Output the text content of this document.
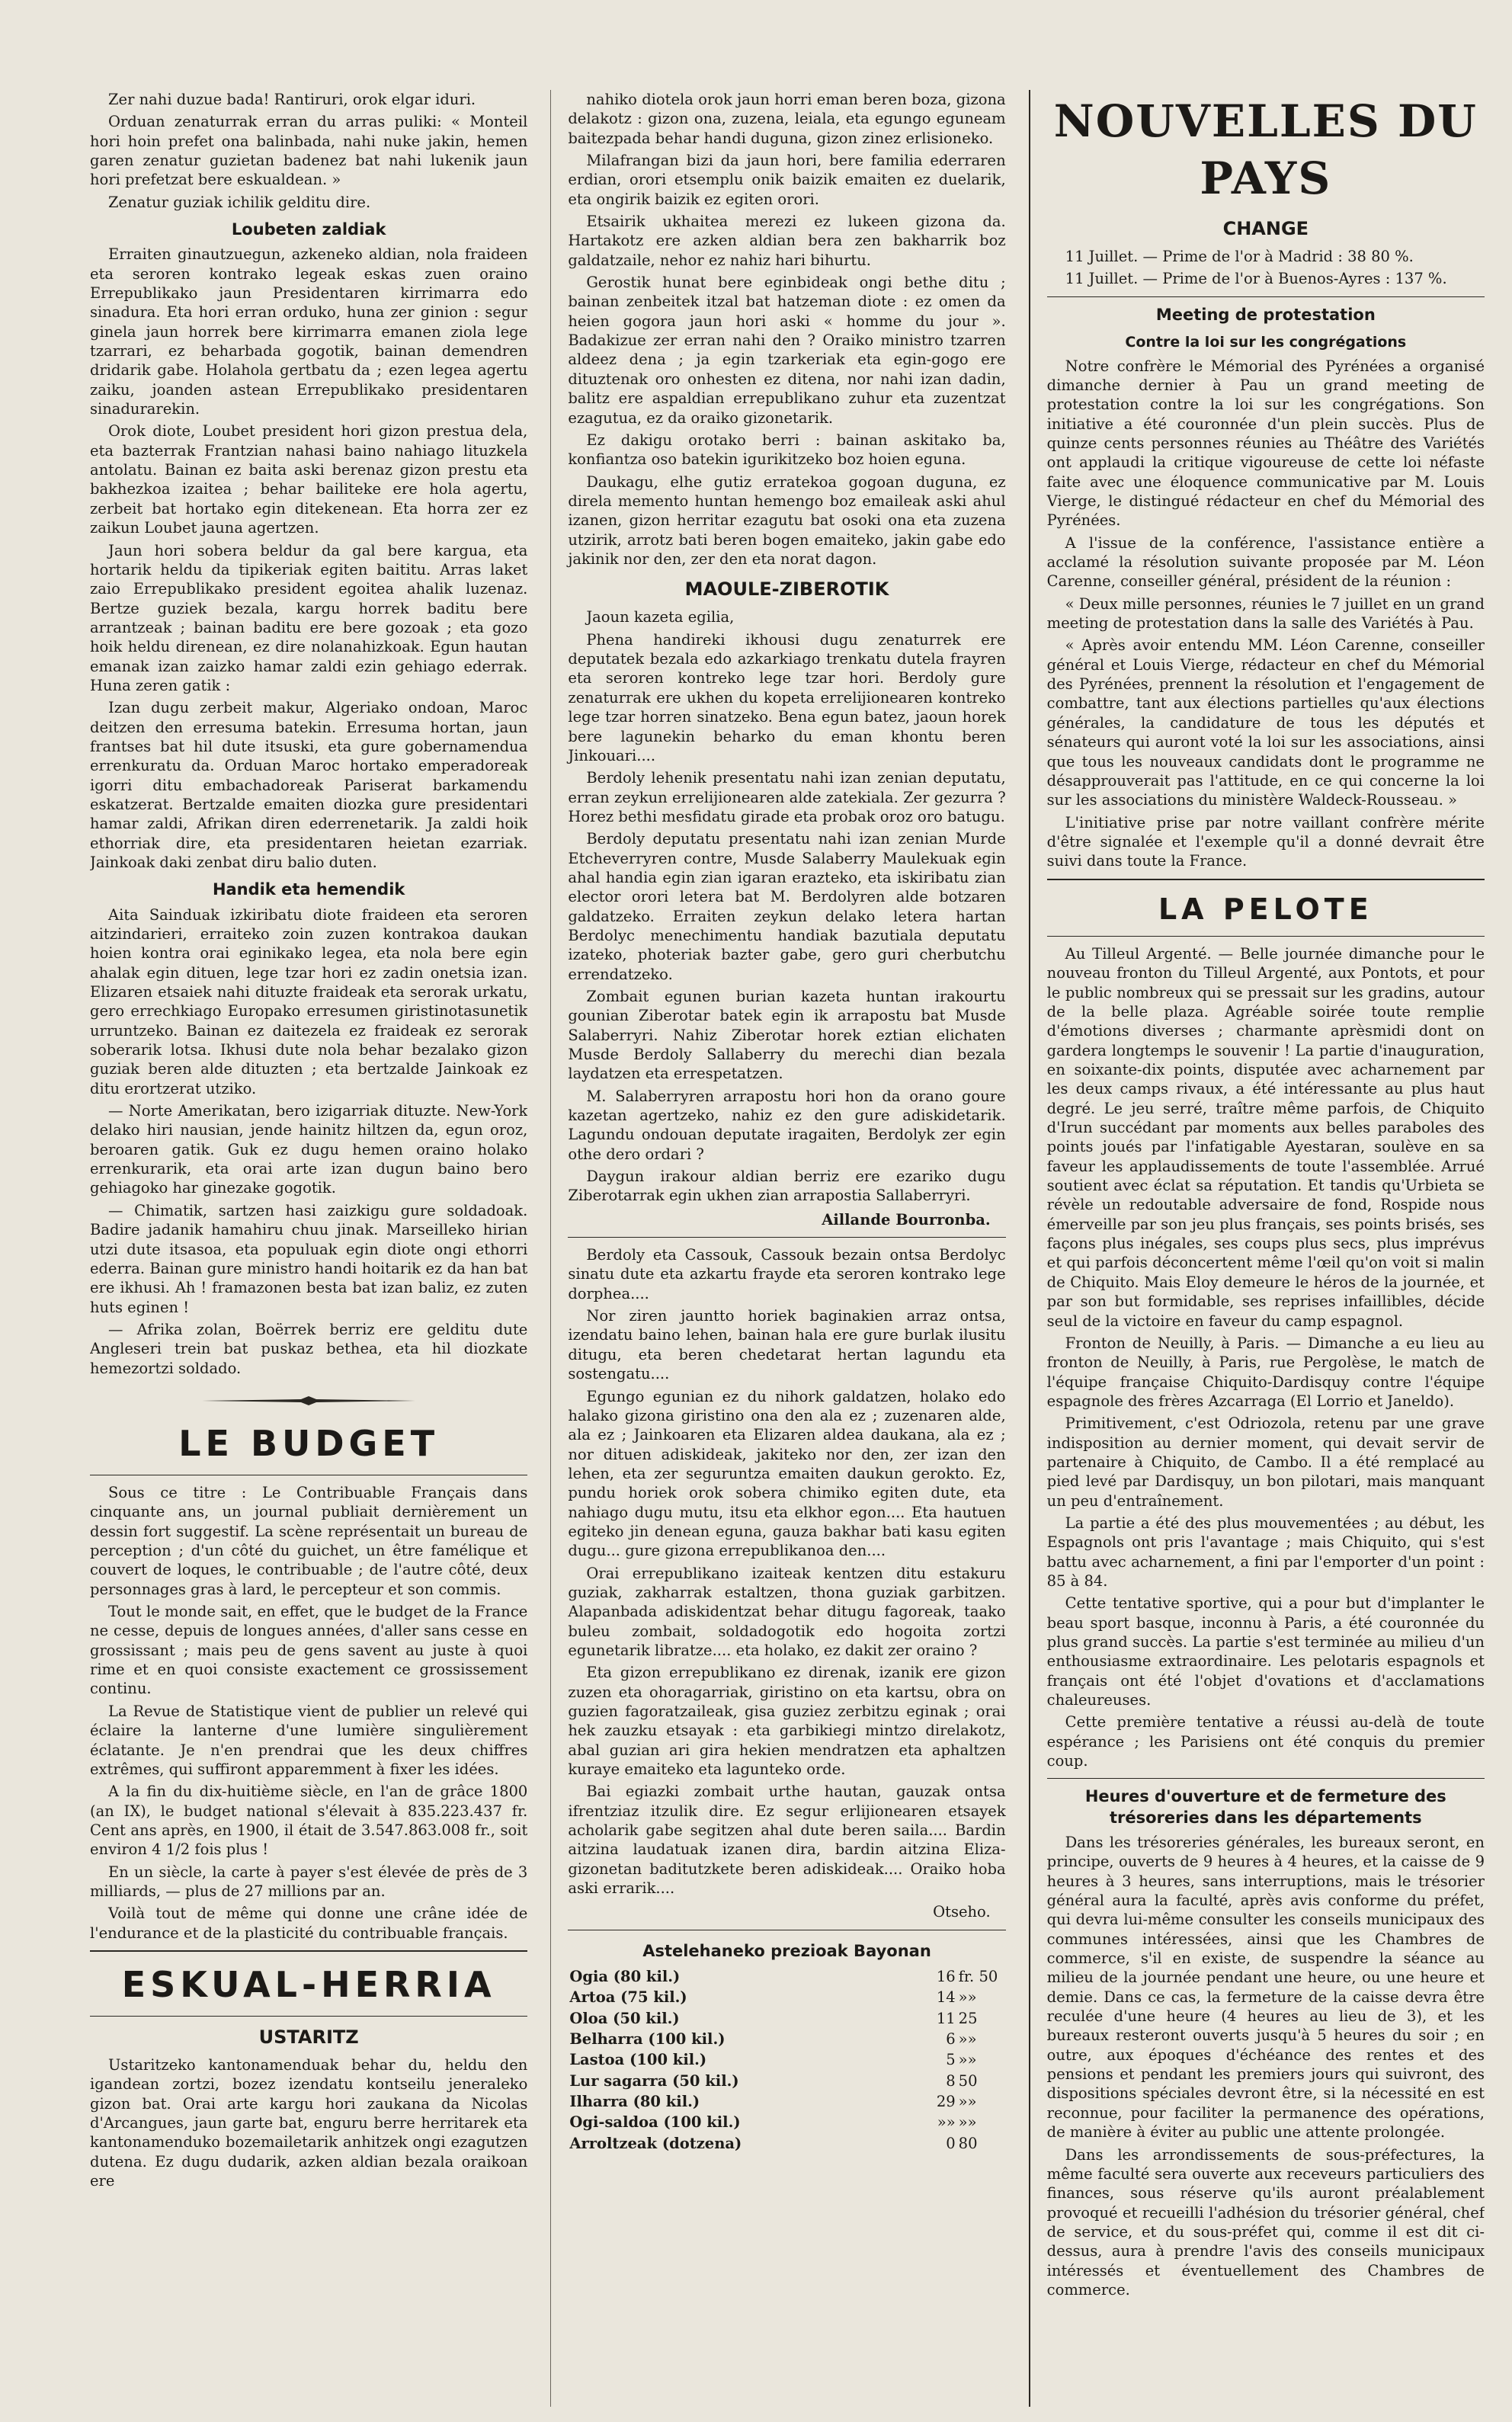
Zer nahi duzue bada! Rantiruri, orok elgar iduri.

Orduan zenaturrak erran du arras puliki: « Monteil hori hoin prefet ona balinbada, nahi nuke jakin, hemen garen zenatur guzietan badenez bat nahi lukenik jaun hori prefetzat bere eskualdean. »

Zenatur guziak ichilik gelditu dire.

Loubeten zaldiak

Erraiten ginautzuegun, azkeneko aldian, nola fraideen eta seroren kontrako legeak eskas zuen oraino Errepublikako jaun Presidentaren kirrimarra edo sinadura. Eta hori erran orduko, huna zer ginion : segur ginela jaun horrek bere kirrimarra emanen ziola lege tzarrari, ez beharbada gogotik, bainan demendren dridarik gabe. Holahola gertbatu da ; ezen legea agertu zaiku, joanden astean Errepublikako presidentaren sinadurarekin.

Orok diote, Loubet president hori gizon prestua dela, eta bazterrak Frantzian nahasi baino nahiago lituzkela antolatu. Bainan ez baita aski berenaz gizon prestu eta bakhezkoa izaitea ; behar bailiteke ere hola agertu, zerbeit bat hortako egin ditekenean. Eta horra zer ez zaikun Loubet jauna agertzen.

Jaun hori sobera beldur da gal bere kargua, eta hortarik heldu da tipikeriak egiten baititu. Arras laket zaio Errepublikako president egoitea ahalik luzenaz. Bertze guziek bezala, kargu horrek baditu bere arrantzeak ; bainan baditu ere bere gozoak ; eta gozo hoik heldu direnean, ez dire nolanahizkoak. Egun hautan emanak izan zaizko hamar zaldi ezin gehiago ederrak. Huna zeren gatik :

Izan dugu zerbeit makur, Algeriako ondoan, Maroc deitzen den erresuma batekin. Erresuma hortan, jaun frantses bat hil dute itsuski, eta gure gobernamendua errenkuratu da. Orduan Maroc hortako emperadoreak igorri ditu embachadoreak Pariserat barkamendu eskatzerat. Bertzalde emaiten diozka gure presidentari hamar zaldi, Afrikan diren ederrenetarik. Ja zaldi hoik ethorriak dire, eta presidentaren heietan ezarriak. Jainkoak daki zenbat diru balio duten.

Handik eta hemendik

Aita Sainduak izkiribatu diote fraideen eta seroren aitzindarieri, erraiteko zoin zuzen kontrakoa daukan hoien kontra orai eginikako legea, eta nola bere egin ahalak egin dituen, lege tzar hori ez zadin onetsia izan. Elizaren etsaiek nahi dituzte fraideak eta serorak urkatu, gero errechkiago Europako erresumen giristinotasunetik urruntzeko. Bainan ez daitezela ez fraideak ez serorak soberarik lotsa. Ikhusi dute nola behar bezalako gizon guziak beren alde dituzten ; eta bertzalde Jainkoak ez ditu erortzerat utziko.

— Norte Amerikatan, bero izigarriak dituzte. New-York delako hiri nausian, jende hainitz hiltzen da, egun oroz, beroaren gatik. Guk ez dugu hemen oraino holako errenkurarik, eta orai arte izan dugun baino bero gehiagoko har ginezake gogotik.

— Chimatik, sartzen hasi zaizkigu gure soldadoak. Badire jadanik hamahiru chuu jinak. Marseilleko hirian utzi dute itsasoa, eta populuak egin diote ongi ethorri ederra. Bainan gure ministro handi hoitarik ez da han bat ere ikhusi. Ah ! framazonen besta bat izan baliz, ez zuten huts eginen !

— Afrika zolan, Boërrek berriz ere gelditu dute Angleseri trein bat puskaz bethea, eta hil diozkate hemezortzi soldado.

LE BUDGET

Sous ce titre : Le Contribuable Français dans cinquante ans, un journal publiait dernièrement un dessin fort suggestif. La scène représentait un bureau de perception ; d'un côté du guichet, un être famélique et couvert de loques, le contribuable ; de l'autre côté, deux personnages gras à lard, le percepteur et son commis.

Tout le monde sait, en effet, que le budget de la France ne cesse, depuis de longues années, d'aller sans cesse en grossissant ; mais peu de gens savent au juste à quoi rime et en quoi consiste exactement ce grossissement continu.

La Revue de Statistique vient de publier un relevé qui éclaire la lanterne d'une lumière singulièrement éclatante. Je n'en prendrai que les deux chiffres extrêmes, qui suffiront apparemment à fixer les idées.

A la fin du dix-huitième siècle, en l'an de grâce 1800 (an IX), le budget national s'élevait à 835.223.437 fr. Cent ans après, en 1900, il était de 3.547.863.008 fr., soit environ 4 1/2 fois plus !

En un siècle, la carte à payer s'est élevée de près de 3 milliards, — plus de 27 millions par an.

Voilà tout de même qui donne une crâne idée de l'endurance et de la plasticité du contribuable français.

ESKUAL-HERRIA
USTARITZ

Ustaritzeko kantonamenduak behar du, heldu den igandean zortzi, bozez izendatu kontseilu jeneraleko gizon bat. Orai arte kargu hori zaukana da Nicolas d'Arcangues, jaun garte bat, enguru berre herritarek eta kantonamenduko bozemailetarik anhitzek ongi ezagutzen dutena. Ez dugu dudarik, azken aldian bezala oraikoan ere

nahiko diotela orok jaun horri eman beren boza, gizona delakotz : gizon ona, zuzena, leiala, eta egungo eguneam baitezpada behar handi duguna, gizon zinez erlisioneko.

Milafrangan bizi da jaun hori, bere familia ederraren erdian, orori etsemplu onik baizik emaiten ez duelarik, eta ongirik baizik ez egiten orori.

Etsairik ukhaitea merezi ez lukeen gizona da. Hartakotz ere azken aldian bera zen bakharrik boz galdatzaile, nehor ez nahiz hari bihurtu.

Gerostik hunat bere eginbideak ongi bethe ditu ; bainan zenbeitek itzal bat hatzeman diote : ez omen da heien gogora jaun hori aski « homme du jour ». Badakizue zer erran nahi den ? Oraiko ministro tzarren aldeez dena ; ja egin tzarkeriak eta egin-gogo ere dituztenak oro onhesten ez ditena, nor nahi izan dadin, balitz ere aspaldian errepublikano zuhur eta zuzentzat ezagutua, ez da oraiko gizonetarik.

Ez dakigu orotako berri : bainan askitako ba, konfiantza oso batekin igurikitzeko boz hoien eguna.

Daukagu, elhe gutiz erratekoa gogoan duguna, ez direla memento huntan hemengo boz emaileak aski ahul izanen, gizon herritar ezagutu bat osoki ona eta zuzena utzirik, arrotz bati beren bogen emaiteko, jakin gabe edo jakinik nor den, zer den eta norat dagon.

MAOULE-ZIBEROTIK

Jaoun kazeta egilia,

Phena handireki ikhousi dugu zenaturrek ere deputatek bezala edo azkarkiago trenkatu dutela frayren eta seroren kontreko lege tzar hori. Berdoly gure zenaturrak ere ukhen du kopeta errelijionearen kontreko lege tzar horren sinatzeko. Bena egun batez, jaoun horek bere lagunekin beharko du eman khontu beren Jinkouari....

Berdoly lehenik presentatu nahi izan zenian deputatu, erran zeykun errelijionearen alde zatekiala. Zer gezurra ? Horez bethi mesfidatu girade eta probak oroz oro batugu.

Berdoly deputatu presentatu nahi izan zenian Murde Etcheverryren contre, Musde Salaberry Maulekuak egin ahal handia egin zian igaran erazteko, eta iskiribatu zian elector orori letera bat M. Berdolyren alde botzaren galdatzeko. Erraiten zeykun delako letera hartan Berdolyc menechimentu handiak bazutiala deputatu izateko, photeriak bazter gabe, gero guri cherbutchu errendatzeko.

Zombait egunen burian kazeta huntan irakourtu gounian Ziberotar batek egin ik arrapostu bat Musde Salaberryri. Nahiz Ziberotar horek eztian elichaten Musde Berdoly Sallaberry du merechi dian bezala laydatzen eta errespetatzen.

M. Salaberryren arrapostu hori hon da orano goure kazetan agertzeko, nahiz ez den gure adiskidetarik. Lagundu ondouan deputate iragaiten, Berdolyk zer egin othe dero ordari ?

Daygun irakour aldian berriz ere ezariko dugu Ziberotarrak egin ukhen zian arrapostia Sallaberryri.

Aillande Bourronba.

Berdoly eta Cassouk, Cassouk bezain ontsa Berdolyc sinatu dute eta azkartu frayde eta seroren kontrako lege dorphea....

Nor ziren jauntto horiek baginakien arraz ontsa, izendatu baino lehen, bainan hala ere gure burlak ilusitu ditugu, eta beren chedetarat hertan lagundu eta sostengatu....

Egungo egunian ez du nihork galdatzen, holako edo halako gizona giristino ona den ala ez ; zuzenaren alde, ala ez ; Jainkoaren eta Elizaren aldea daukana, ala ez ; nor dituen adiskideak, jakiteko nor den, zer izan den lehen, eta zer seguruntza emaiten daukun gerokto. Ez, pundu horiek orok sobera chimiko egiten dute, eta nahiago dugu mutu, itsu eta elkhor egon.... Eta hautuen egiteko jin denean eguna, gauza bakhar bati kasu egiten dugu... gure gizona errepublikanoa den....

Orai errepublikano izaiteak kentzen ditu estakuru guziak, zakharrak estaltzen, thona guziak garbitzen. Alapanbada adiskidentzat behar ditugu fagoreak, taako buleu zombait, soldadogotik edo hogoita zortzi egunetarik libratze.... eta holako, ez dakit zer oraino ?

Eta gizon errepublikano ez direnak, izanik ere gizon zuzen eta ohoragarriak, giristino on eta kartsu, obra on guzien fagoratzaileak, gisa guziez zerbitzu eginak ; orai hek zauzku etsayak : eta garbikiegi mintzo direlakotz, abal guzian ari gira hekien mendratzen eta aphaltzen kuraye emaiteko eta lagunteko orde.

Bai egiazki zombait urthe hautan, gauzak ontsa ifrentziaz itzulik dire. Ez segur erlijionearen etsayek acholarik gabe segitzen ahal dute beren saila.... Bardin aitzina laudatuak izanen dira, bardin aitzina Eliza-gizonetan baditutzkete beren adiskideak.... Oraiko hoba aski errarik....

Otseho.
Astelehaneko prezioak Bayonan
Ogia (80 kil.)	16	fr. 50
Artoa (75 kil.)	14	»»
Oloa (50 kil.)	11	25
Belharra (100 kil.)	6	»»
Lastoa (100 kil.)	5	»»
Lur sagarra (50 kil.)	8	50
Ilharra (80 kil.)	29	»»
Ogi-saldoa (100 kil.)	»»	»»
Arroltzeak (dotzena)	0	80
NOUVELLES DU PAYS
CHANGE

11 Juillet. — Prime de l'or à Madrid : 38 80 %.

11 Juillet. — Prime de l'or à Buenos-Ayres : 137 %.

Meeting de protestation
Contre la loi sur les congrégations

Notre confrère le Mémorial des Pyrénées a organisé dimanche dernier à Pau un grand meeting de protestation contre la loi sur les congrégations. Son initiative a été couronnée d'un plein succès. Plus de quinze cents personnes réunies au Théâtre des Variétés ont applaudi la critique vigoureuse de cette loi néfaste faite avec une éloquence communicative par M. Louis Vierge, le distingué rédacteur en chef du Mémorial des Pyrénées.

A l'issue de la conférence, l'assistance entière a acclamé la résolution suivante proposée par M. Léon Carenne, conseiller général, président de la réunion :

« Deux mille personnes, réunies le 7 juillet en un grand meeting de protestation dans la salle des Variétés à Pau.

« Après avoir entendu MM. Léon Carenne, conseiller général et Louis Vierge, rédacteur en chef du Mémorial des Pyrénées, prennent la résolution et l'engagement de combattre, tant aux élections partielles qu'aux élections générales, la candidature de tous les députés et sénateurs qui auront voté la loi sur les associations, ainsi que tous les nouveaux candidats dont le programme ne désapprouverait pas l'attitude, en ce qui concerne la loi sur les associations du ministère Waldeck-Rousseau. »

L'initiative prise par notre vaillant confrère mérite d'être signalée et l'exemple qu'il a donné devrait être suivi dans toute la France.

LA PELOTE

Au Tilleul Argenté. — Belle journée dimanche pour le nouveau fronton du Tilleul Argenté, aux Pontots, et pour le public nombreux qui se pressait sur les gradins, autour de la belle plaza. Agréable soirée toute remplie d'émotions diverses ; charmante aprèsmidi dont on gardera longtemps le souvenir ! La partie d'inauguration, en soixante-dix points, disputée avec acharnement par les deux camps rivaux, a été intéressante au plus haut degré. Le jeu serré, traître même parfois, de Chiquito d'Irun succédant par moments aux belles paraboles des points joués par l'infatigable Ayestaran, soulève en sa faveur les applaudissements de toute l'assemblée. Arrué soutient avec éclat sa réputation. Et tandis qu'Urbieta se révèle un redoutable adversaire de fond, Rospide nous émerveille par son jeu plus français, ses points brisés, ses façons plus inégales, ses coups plus secs, plus imprévus et qui parfois déconcertent même l'œil qu'on voit si malin de Chiquito. Mais Eloy demeure le héros de la journée, et par son but formidable, ses reprises infaillibles, décide seul de la victoire en faveur du camp espagnol.

Fronton de Neuilly, à Paris. — Dimanche a eu lieu au fronton de Neuilly, à Paris, rue Pergolèse, le match de l'équipe française Chiquito-Dardisquy contre l'équipe espagnole des frères Azcarraga (El Lorrio et Janeldo).

Primitivement, c'est Odriozola, retenu par une grave indisposition au dernier moment, qui devait servir de partenaire à Chiquito, de Cambo. Il a été remplacé au pied levé par Dardisquy, un bon pilotari, mais manquant un peu d'entraînement.

La partie a été des plus mouvementées ; au début, les Espagnols ont pris l'avantage ; mais Chiquito, qui s'est battu avec acharnement, a fini par l'emporter d'un point : 85 à 84.

Cette tentative sportive, qui a pour but d'implanter le beau sport basque, inconnu à Paris, a été couronnée du plus grand succès. La partie s'est terminée au milieu d'un enthousiasme extraordinaire. Les pelotaris espagnols et français ont été l'objet d'ovations et d'acclamations chaleureuses.

Cette première tentative a réussi au-delà de toute espérance ; les Parisiens ont été conquis du premier coup.

Heures d'ouverture et de fermeture des trésoreries dans les départements

Dans les trésoreries générales, les bureaux seront, en principe, ouverts de 9 heures à 4 heures, et la caisse de 9 heures à 3 heures, sans interruptions, mais le trésorier général aura la faculté, après avis conforme du préfet, qui devra lui-même consulter les conseils municipaux des communes intéressées, ainsi que les Chambres de commerce, s'il en existe, de suspendre la séance au milieu de la journée pendant une heure, ou une heure et demie. Dans ce cas, la fermeture de la caisse devra être reculée d'une heure (4 heures au lieu de 3), et les bureaux resteront ouverts jusqu'à 5 heures du soir ; en outre, aux époques d'échéance des rentes et des pensions et pendant les premiers jours qui suivront, des dispositions spéciales devront être, si la nécessité en est reconnue, pour faciliter la permanence des opérations, de manière à éviter au public une attente prolongée.

Dans les arrondissements de sous-préfectures, la même faculté sera ouverte aux receveurs particuliers des finances, sous réserve qu'ils auront préalablement provoqué et recueilli l'adhésion du trésorier général, chef de service, et du sous-préfet qui, comme il est dit ci-dessus, aura à prendre l'avis des conseils municipaux intéressés et éventuellement des Chambres de commerce.
